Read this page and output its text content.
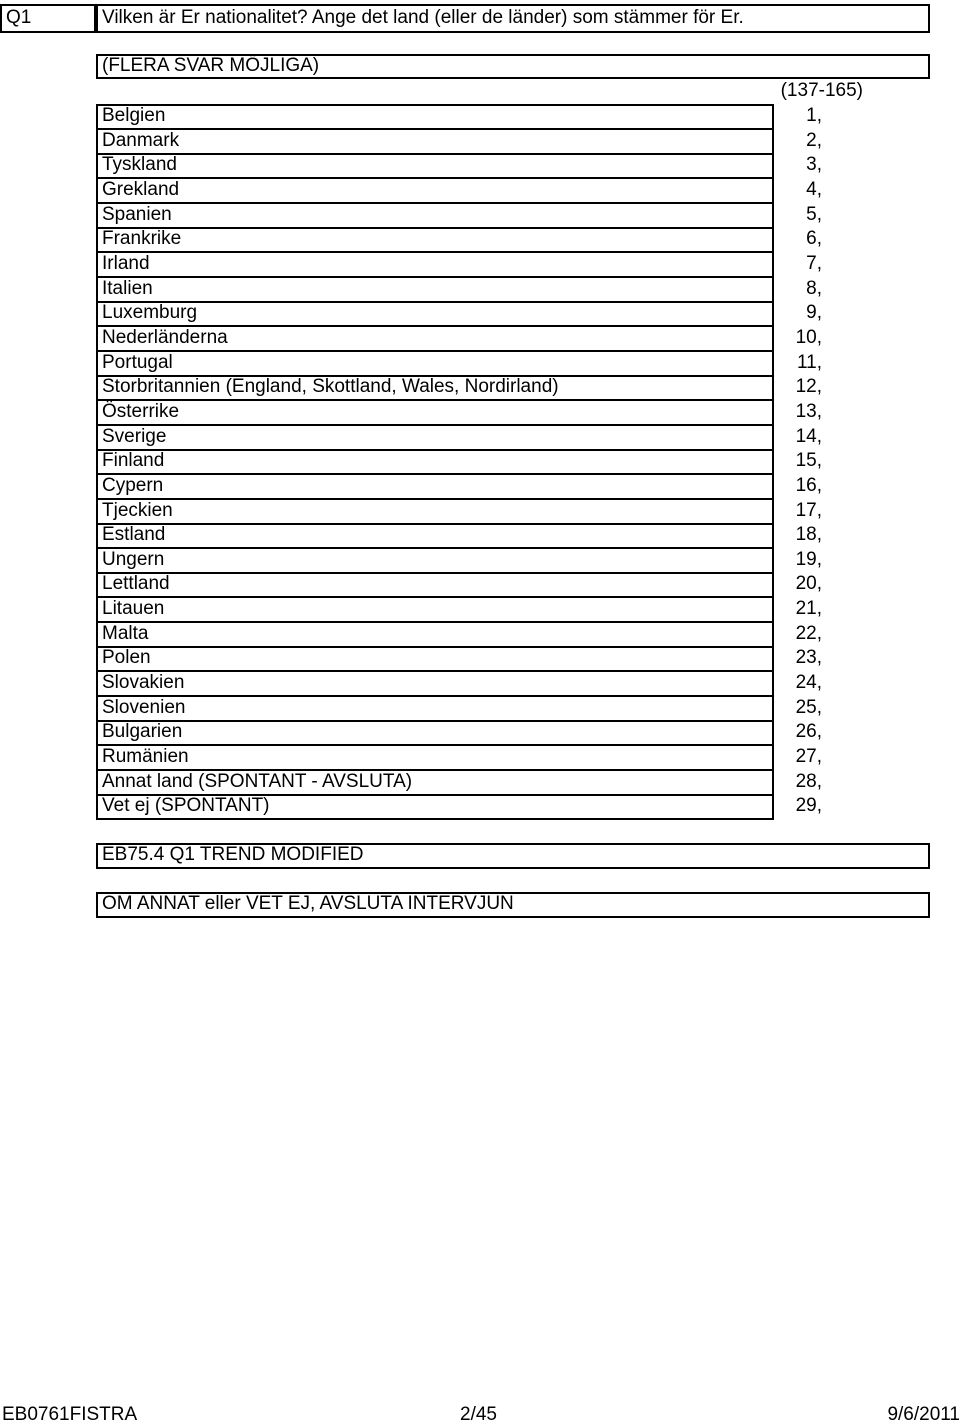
Q1	Vilken är Er nationalitet? Ange det land (eller de länder) som stämmer för Er.
(FLERA SVAR MÖJLIGA)
(137-165)
Belgien	1,
Danmark	2,
Tyskland	3,
Grekland	4,
Spanien	5,
Frankrike	6,
Irland	7,
Italien	8,
Luxemburg	9,
Nederländerna	10,
Portugal	11,
Storbritannien (England, Skottland, Wales, Nordirland)	12,
Österrike	13,
Sverige	14,
Finland	15,
Cypern	16,
Tjeckien	17,
Estland	18,
Ungern	19,
Lettland	20,
Litauen	21,
Malta	22,
Polen	23,
Slovakien	24,
Slovenien	25,
Bulgarien	26,
Rumänien	27,
Annat land (SPONTANT - AVSLUTA)	28,
Vet ej (SPONTANT)	29,
EB75.4 Q1 TREND MODIFIED
OM ANNAT eller VET EJ, AVSLUTA INTERVJUN
EB0761FISTRA	2/45	9/6/2011
